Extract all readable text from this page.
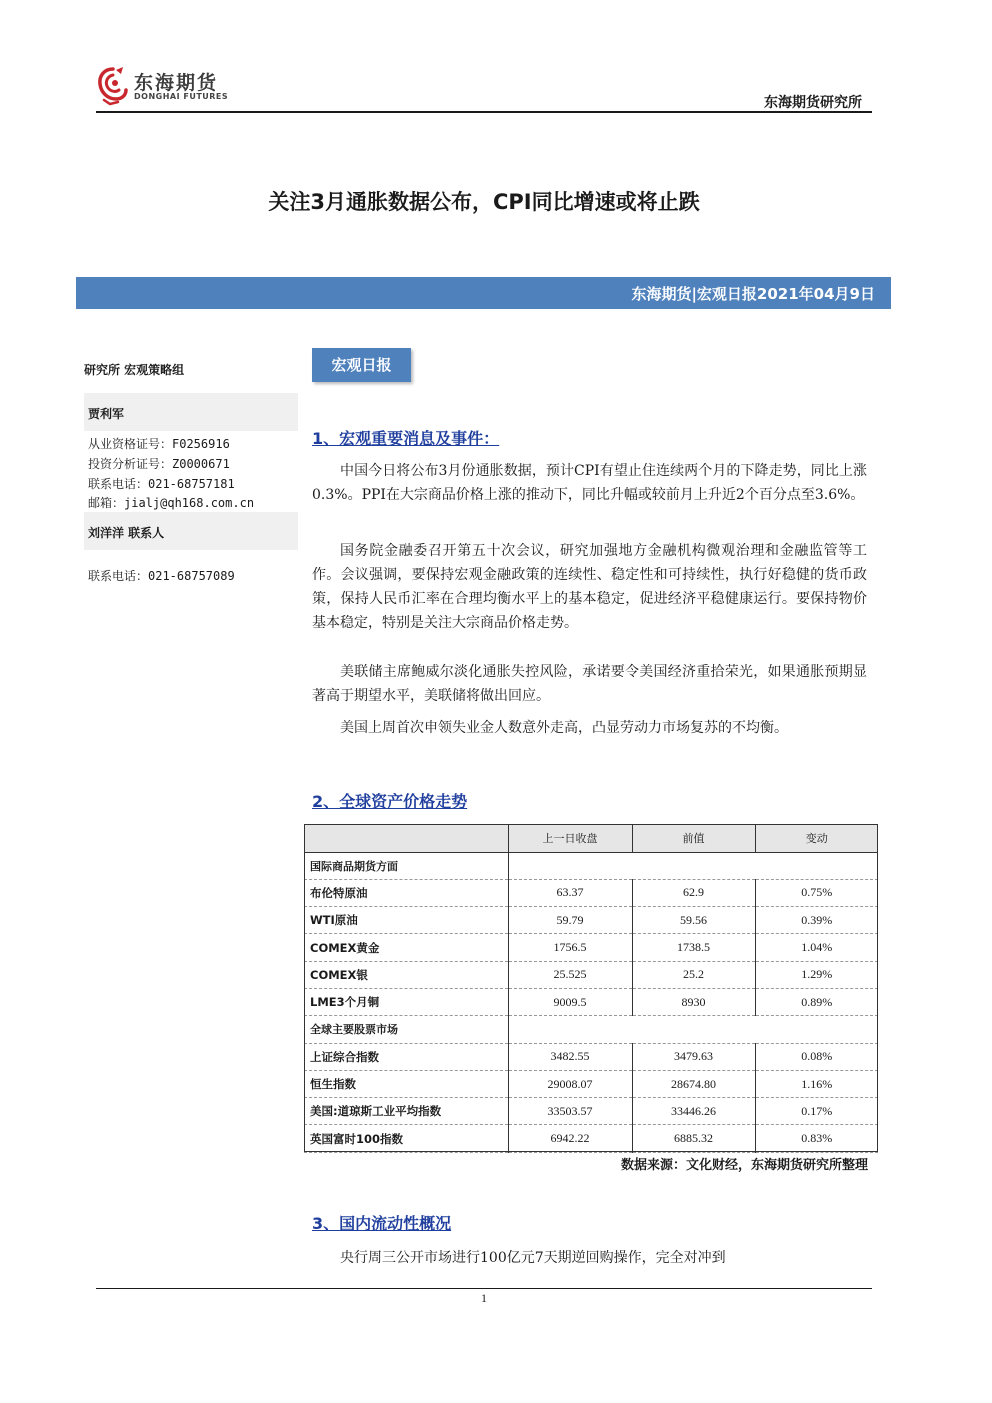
东海期货
DONGHAI FUTURES	东海期货研究所
关注3月通胀数据公布，CPI同比增速或将止跌
东海期货|宏观日报2021年04月9日
研究所 宏观策略组
贾利军
从业资格证号：F0256916
投资分析证号：Z0000671
联系电话：021-68757181
邮箱：jialj@qh168.com.cn
刘洋洋 联系人
联系电话：021-68757089
宏观日报
1、宏观重要消息及事件：
中国今日将公布3月份通胀数据，预计CPI有望止住连续两个月的下降走势，同比上涨0.3%。PPI在大宗商品价格上涨的推动下，同比升幅或较前月上升近2个百分点至3.6%。
国务院金融委召开第五十次会议，研究加强地方金融机构微观治理和金融监管等工作。会议强调，要保持宏观金融政策的连续性、稳定性和可持续性，执行好稳健的货币政策，保持人民币汇率在合理均衡水平上的基本稳定，促进经济平稳健康运行。要保持物价基本稳定，特别是关注大宗商品价格走势。
美联储主席鲍威尔淡化通胀失控风险，承诺要令美国经济重拾荣光，如果通胀预期显著高于期望水平，美联储将做出回应。
美国上周首次申领失业金人数意外走高，凸显劳动力市场复苏的不均衡。
2、全球资产价格走势
	上一日收盘	前值	变动
国际商品期货方面			
布伦特原油	63.37	62.9	0.75%
WTI原油	59.79	59.56	0.39%
COMEX黄金	1756.5	1738.5	1.04%
COMEX银	25.525	25.2	1.29%
LME3个月铜	9009.5	8930	0.89%
全球主要股票市场			
上证综合指数	3482.55	3479.63	0.08%
恒生指数	29008.07	28674.80	1.16%
美国:道琼斯工业平均指数	33503.57	33446.26	0.17%
英国富时100指数	6942.22	6885.32	0.83%
数据来源：文化财经，东海期货研究所整理
3、国内流动性概况
央行周三公开市场进行100亿元7天期逆回购操作，完全对冲到
1
